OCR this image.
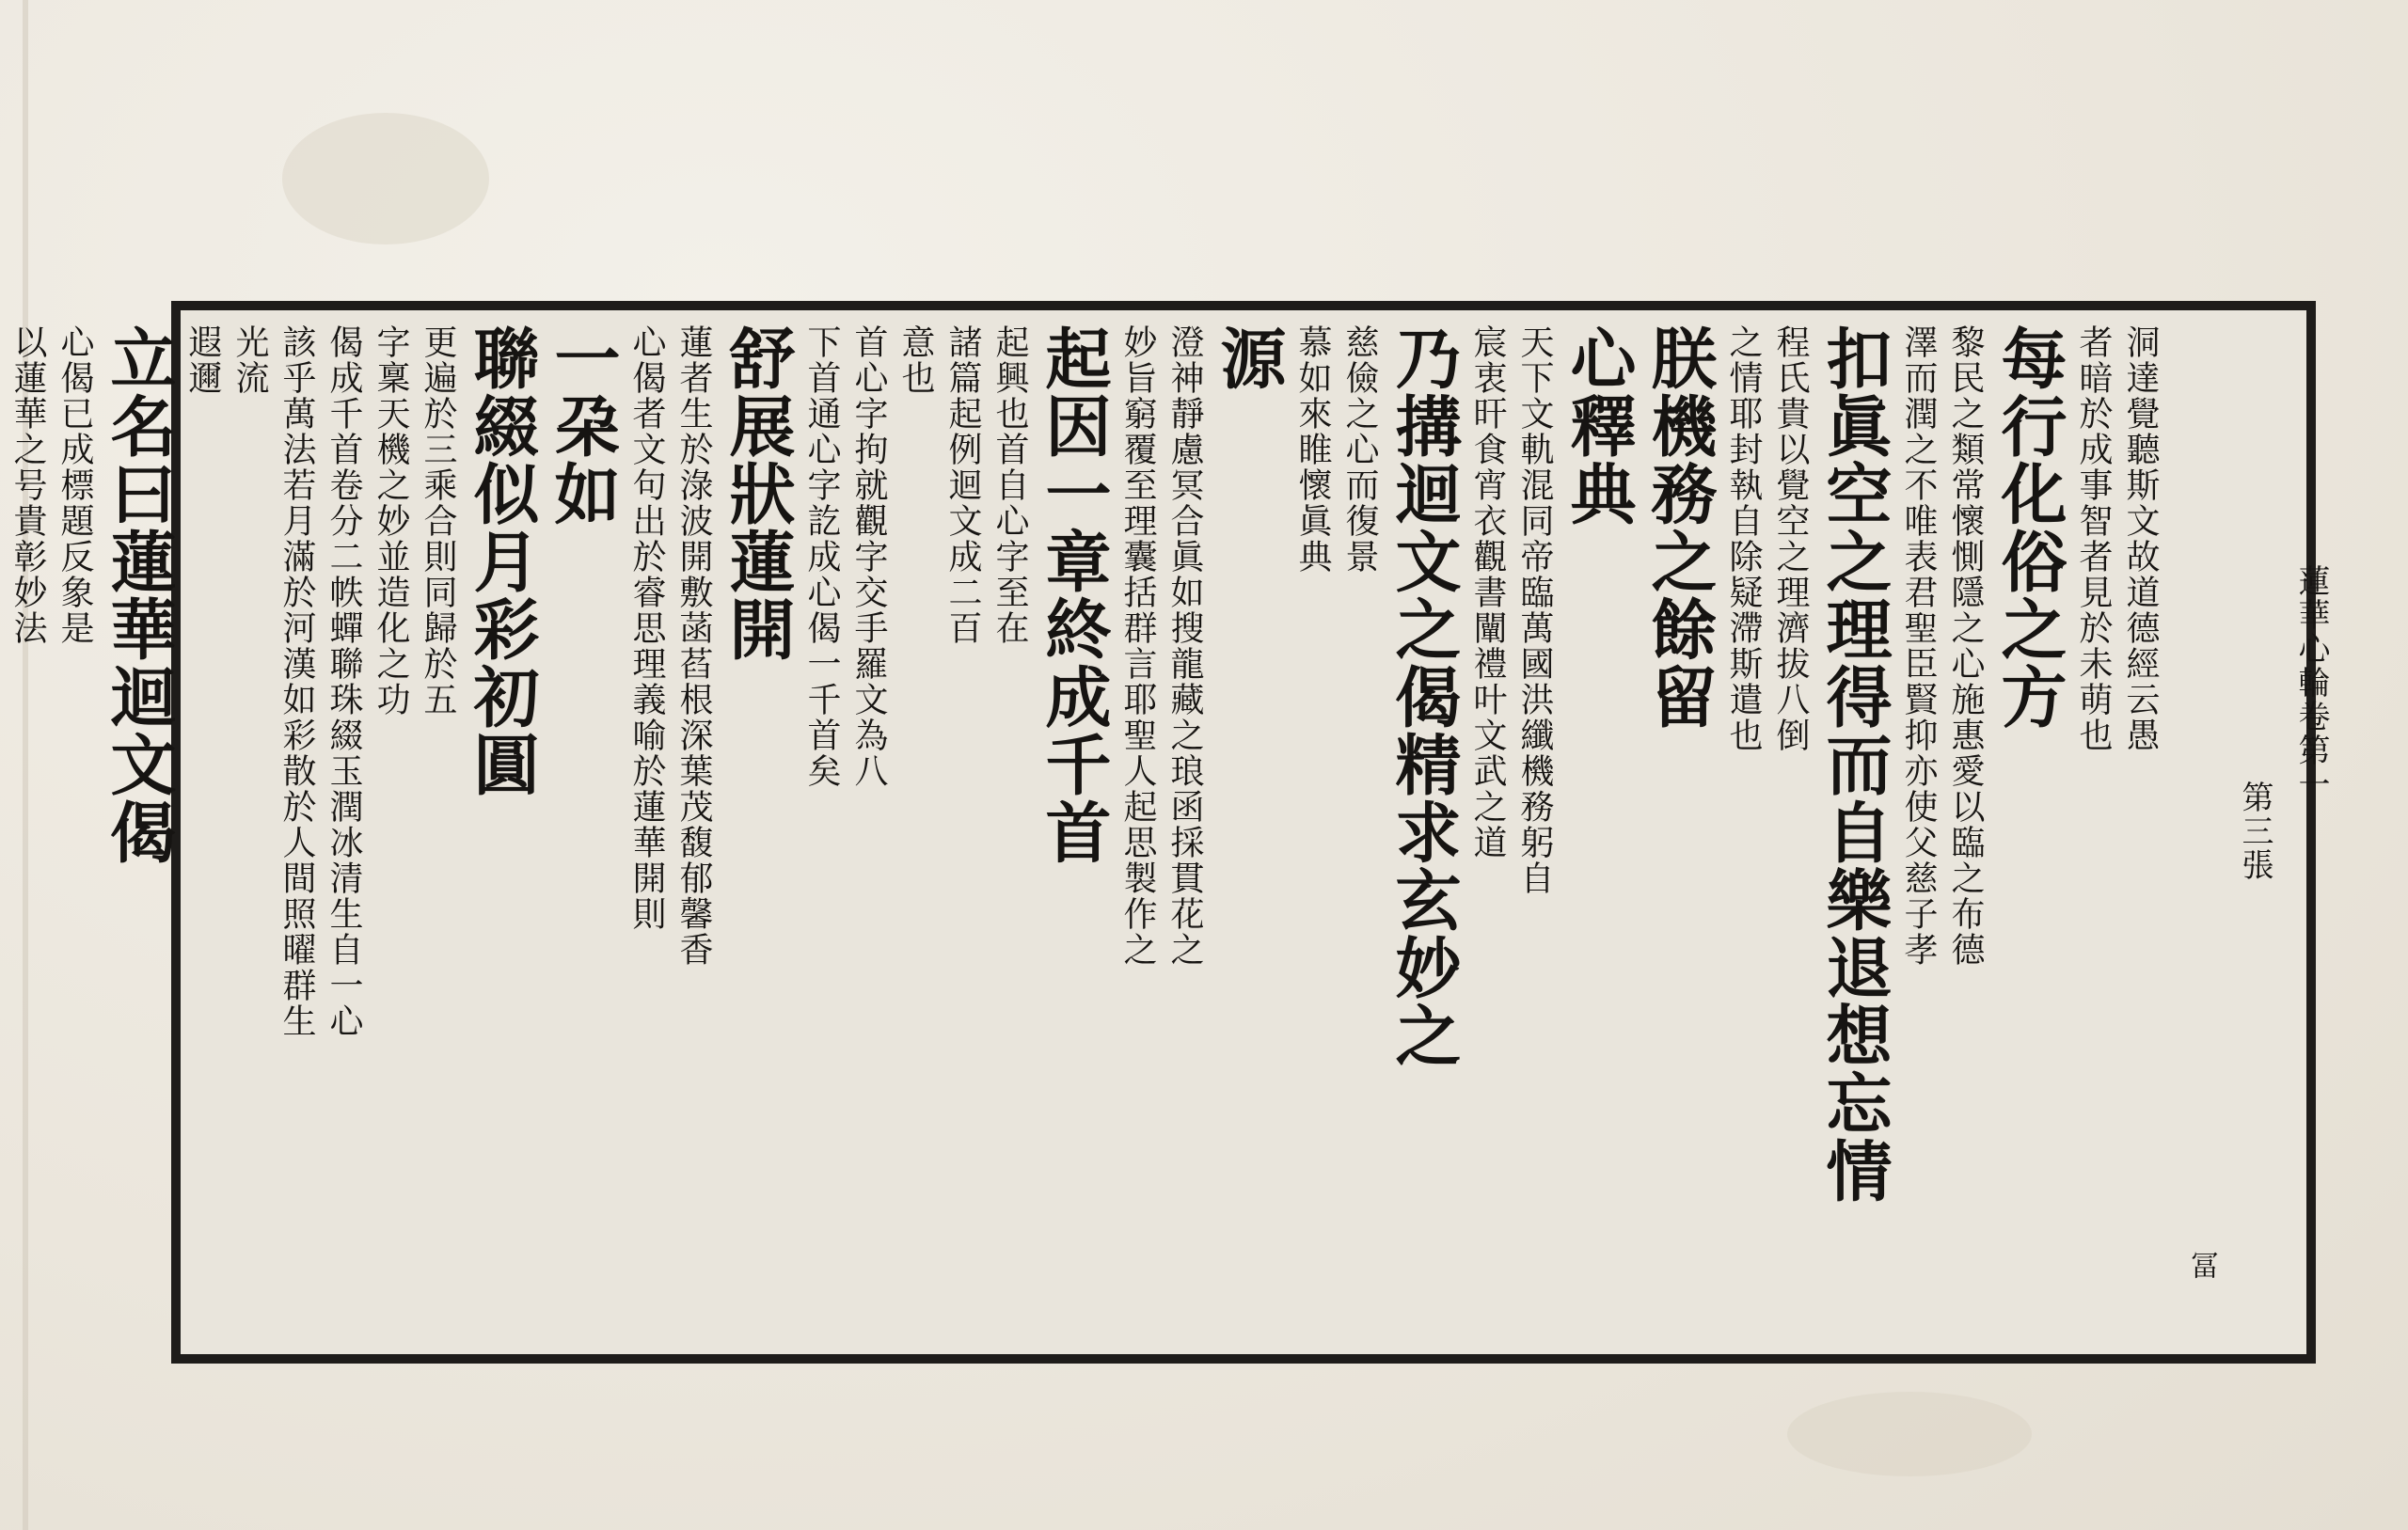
蓮華心輪卷第一
第三張
冨
洞達覺聽斯文故道德經云愚
者暗於成事智者見於未萌也
每行化俗之方
黎民之類常懷惻隱之心施惠愛以臨之布德
澤而潤之不唯表君聖臣賢抑亦使父慈子孝
扣眞空之理得而自樂退想忘情
程氏貴以覺空之理濟拔八倒
之情耶封執自除疑滯斯遣也
朕機務之餘留
心釋典
天下文軌混同帝臨萬國洪纖機務躬自
宸衷旰食宵衣觀書闡禮叶文武之道
乃搆迴文之偈精求玄妙之
慈儉之心而復景
慕如來睢懷眞典
源
澄神靜慮冥合眞如搜龍藏之琅函採貫花之
妙旨窮覆至理囊括群言耶聖人起思製作之
起因一章終成千首
起興也首自心字至在
諸篇起例迴文成二百
意也
首心字拘就觀字交手羅文為八
下首通心字訖成心偈一千首矣
舒展狀蓮開
蓮者生於淥波開敷菡萏根深葉茂馥郁馨香
心偈者文句出於睿思理義喻於蓮華開則
一朶如
聯綴似月彩初圓
更遍於三乘合則同歸於五
字稟天機之妙並造化之功
偈成千首卷分二帙蟬聯珠綴玉潤冰清生自一心
該乎萬法若月滿於河漢如彩散於人間照曜群生
光流
遐邇
立名曰蓮華迴文偈
心偈已成標題反象是
以蓮華之号貴彰妙法
